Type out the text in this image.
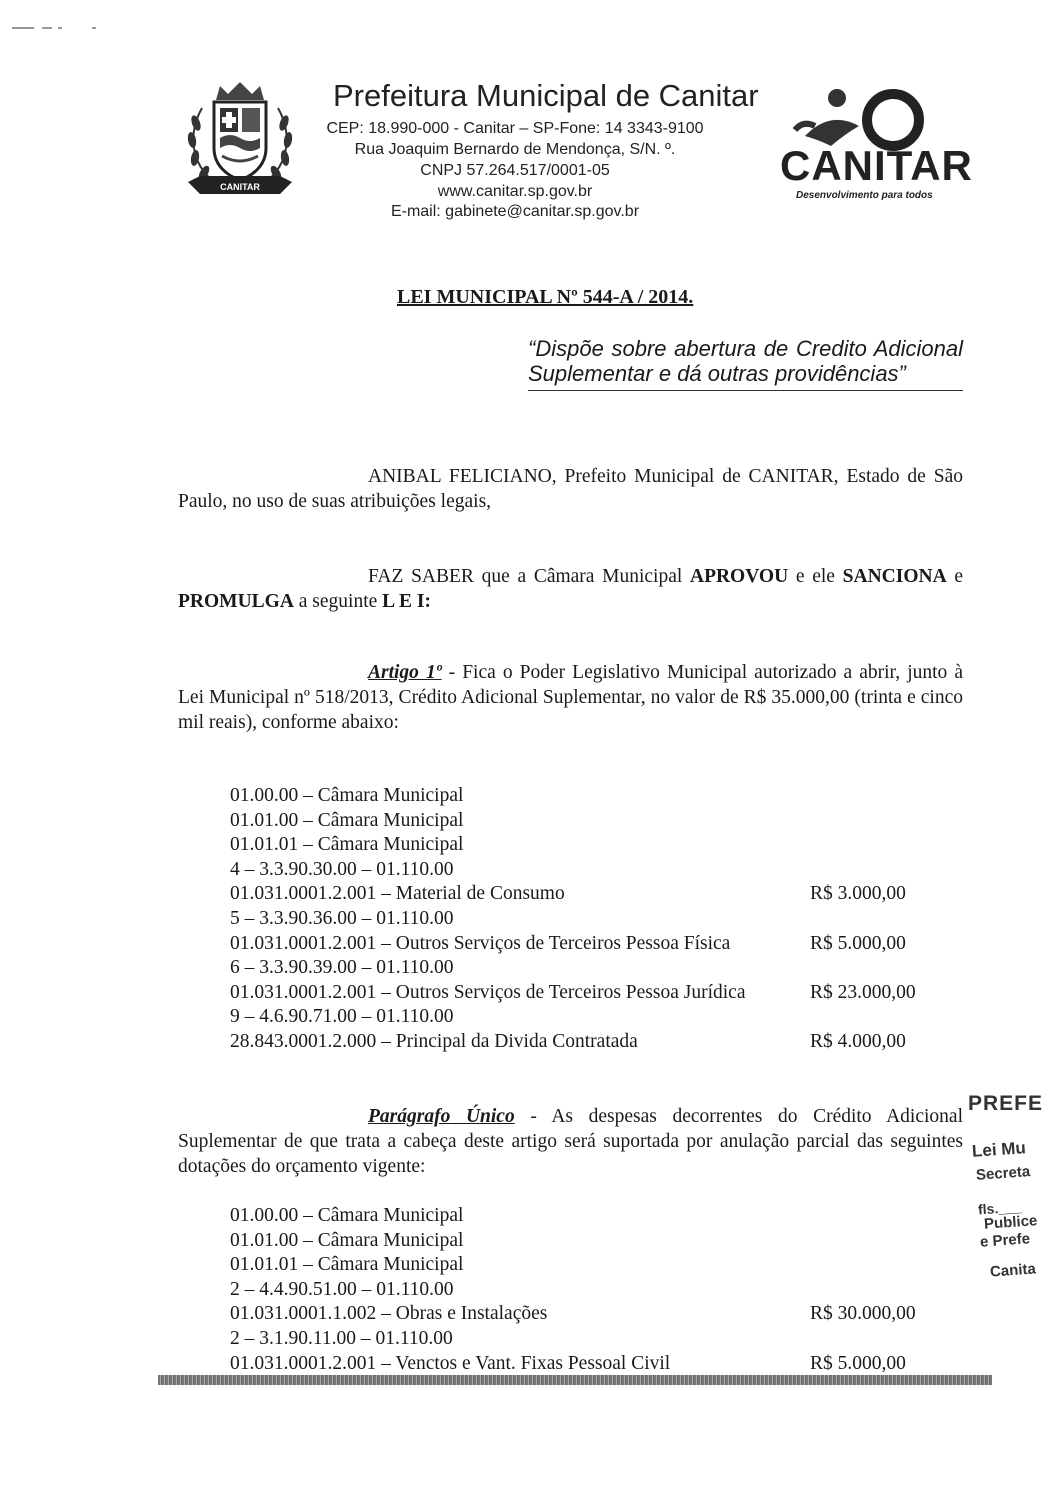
CANITAR
Prefeitura Municipal de Canitar
CEP: 18.990-000 - Canitar – SP-Fone: 14 3343-9100
Rua Joaquim Bernardo de Mendonça, S/N. º.
CNPJ 57.264.517/0001-05
www.canitar.sp.gov.br
E-mail: gabinete@canitar.sp.gov.br
CANITAR
Desenvolvimento para todos
LEI MUNICIPAL Nº 544-A / 2014.
“Dispõe sobre abertura de Credito Adicional Suplementar e dá outras providências”
ANIBAL FELICIANO, Prefeito Municipal de CANITAR, Estado de São Paulo, no uso de suas atribuições legais,
FAZ SABER que a Câmara Municipal APROVOU e ele SANCIONA e PROMULGA a seguinte L E I:
Artigo 1º - Fica o Poder Legislativo Municipal autorizado a abrir, junto à Lei Municipal nº 518/2013, Crédito Adicional Suplementar, no valor de R$ 35.000,00 (trinta e cinco mil reais), conforme abaixo:
01.00.00 – Câmara Municipal
01.01.00 – Câmara Municipal
01.01.01 – Câmara Municipal
4 – 3.3.90.30.00 – 01.110.00
01.031.0001.2.001 – Material de Consumo	R$ 3.000,00
5 – 3.3.90.36.00 – 01.110.00
01.031.0001.2.001 – Outros Serviços de Terceiros Pessoa Física	R$ 5.000,00
6 – 3.3.90.39.00 – 01.110.00
01.031.0001.2.001 – Outros Serviços de Terceiros Pessoa Jurídica	R$ 23.000,00
9 – 4.6.90.71.00 – 01.110.00
28.843.0001.2.000 – Principal da Divida Contratada	R$ 4.000,00
Parágrafo Único - As despesas decorrentes do Crédito Adicional Suplementar de que trata a cabeça deste artigo será suportada por anulação parcial das seguintes dotações do orçamento vigente:
01.00.00 – Câmara Municipal
01.01.00 – Câmara Municipal
01.01.01 – Câmara Municipal
2 – 4.4.90.51.00 – 01.110.00
01.031.0001.1.002 – Obras e Instalações	R$ 30.000,00
2 – 3.1.90.11.00 – 01.110.00
01.031.0001.2.001 – Venctos e Vant. Fixas Pessoal Civil	R$ 5.000,00
PREFE
Lei Mu
Secreta
fls.___
Publice
e Prefe
Canita
